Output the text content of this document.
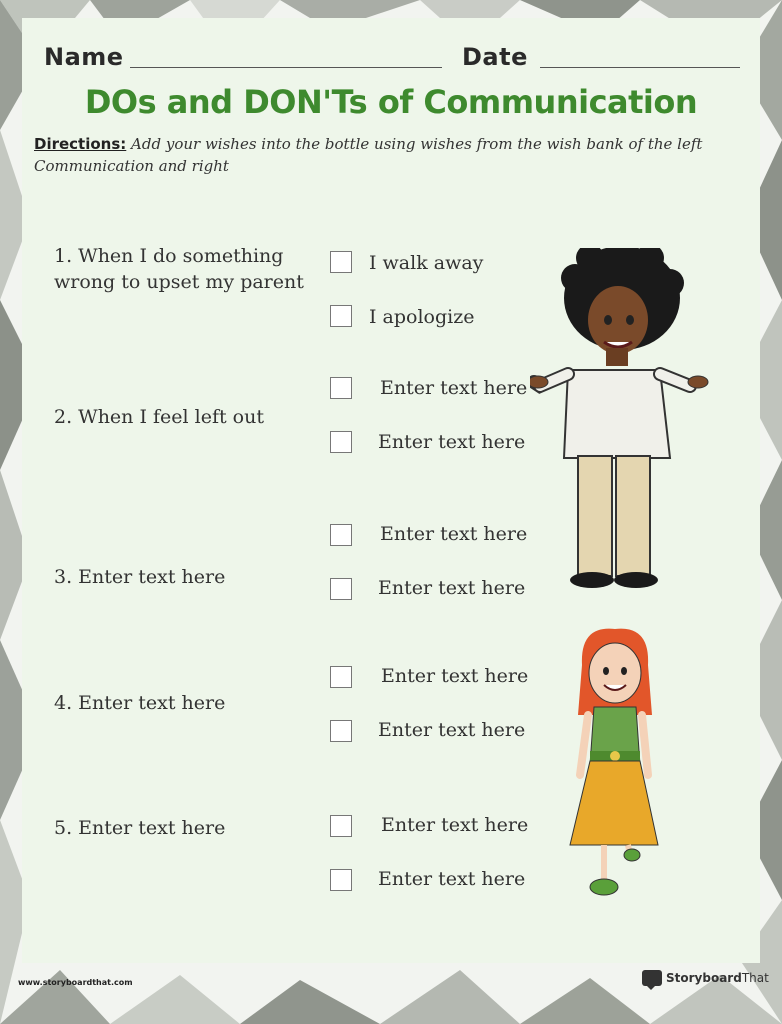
Name	Date
DOs and DON'Ts of Communication
Directions: Add your wishes into the bottle using wishes from the wish bank of the left Communication and right
1. When I do something wrong to upset my parent
I walk away
I apologize
2. When I feel left out
Enter text here
Enter text here
3. Enter text here
Enter text here
Enter text here
4. Enter text here
Enter text here
Enter text here
5. Enter text here	Enter text here
Enter text here
www.storyboardthat.com	Storyboard That
